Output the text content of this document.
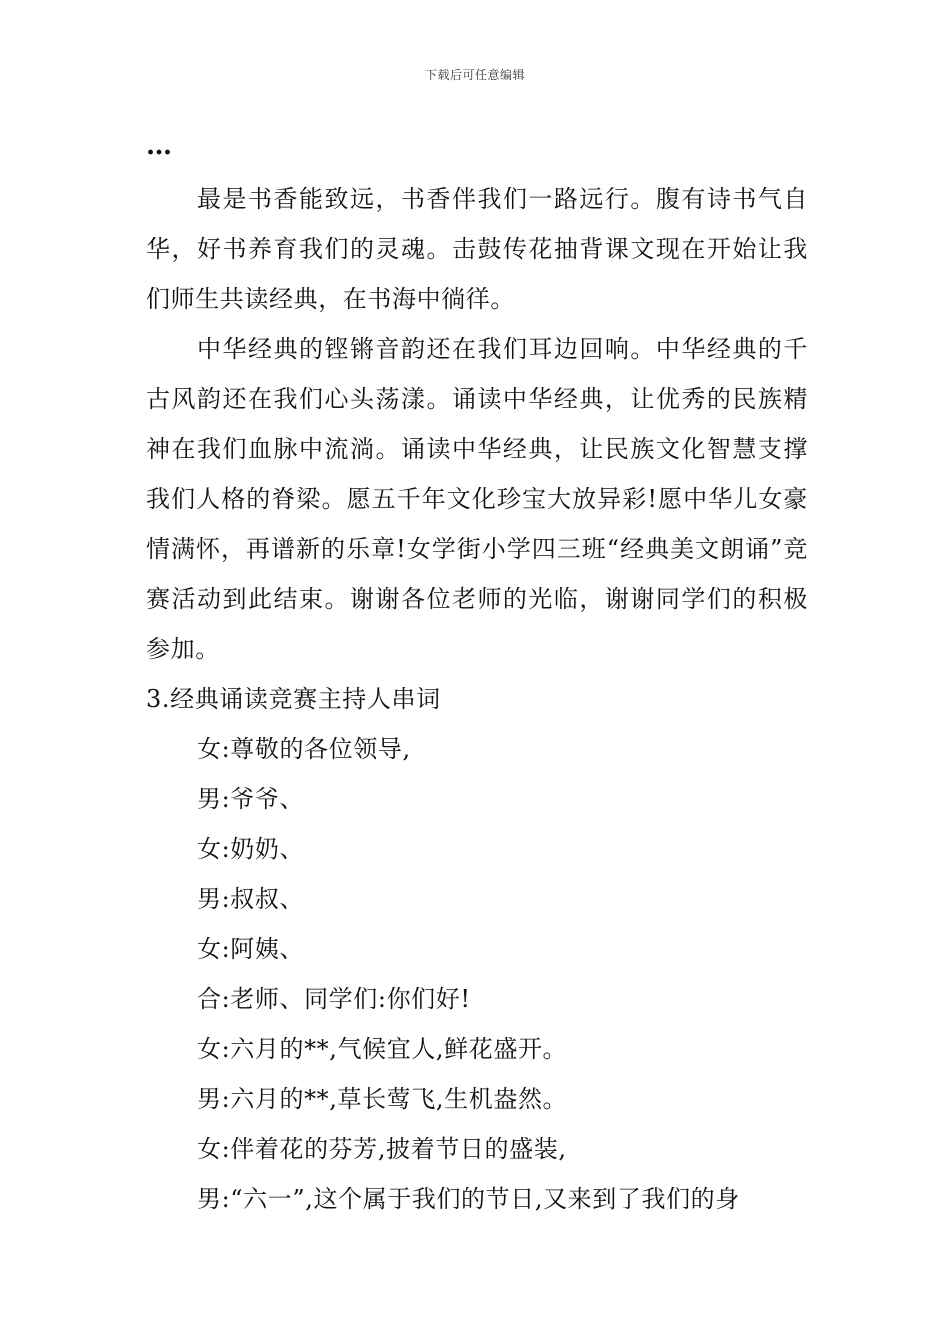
下载后可任意编辑
…

最是书香能致远，书香伴我们一路远行。腹有诗书气自华，好书养育我们的灵魂。击鼓传花抽背课文现在开始让我们师生共读经典，在书海中徜徉。

中华经典的铿锵音韵还在我们耳边回响。中华经典的千古风韵还在我们心头荡漾。诵读中华经典，让优秀的民族精神在我们血脉中流淌。诵读中华经典，让民族文化智慧支撑我们人格的脊梁。愿五千年文化珍宝大放异彩!愿中华儿女豪情满怀，再谱新的乐章!女学街小学四三班“经典美文朗诵”竞赛活动到此结束。谢谢各位老师的光临，谢谢同学们的积极参加。

3.经典诵读竞赛主持人串词

女:尊敬的各位领导,

男:爷爷、

女:奶奶、

男:叔叔、

女:阿姨、

合:老师、同学们:你们好!

女:六月的**,气候宜人,鲜花盛开。

男:六月的**,草长莺飞,生机盎然。

女:伴着花的芬芳,披着节日的盛装,

男:“六一”,这个属于我们的节日,又来到了我们的身
